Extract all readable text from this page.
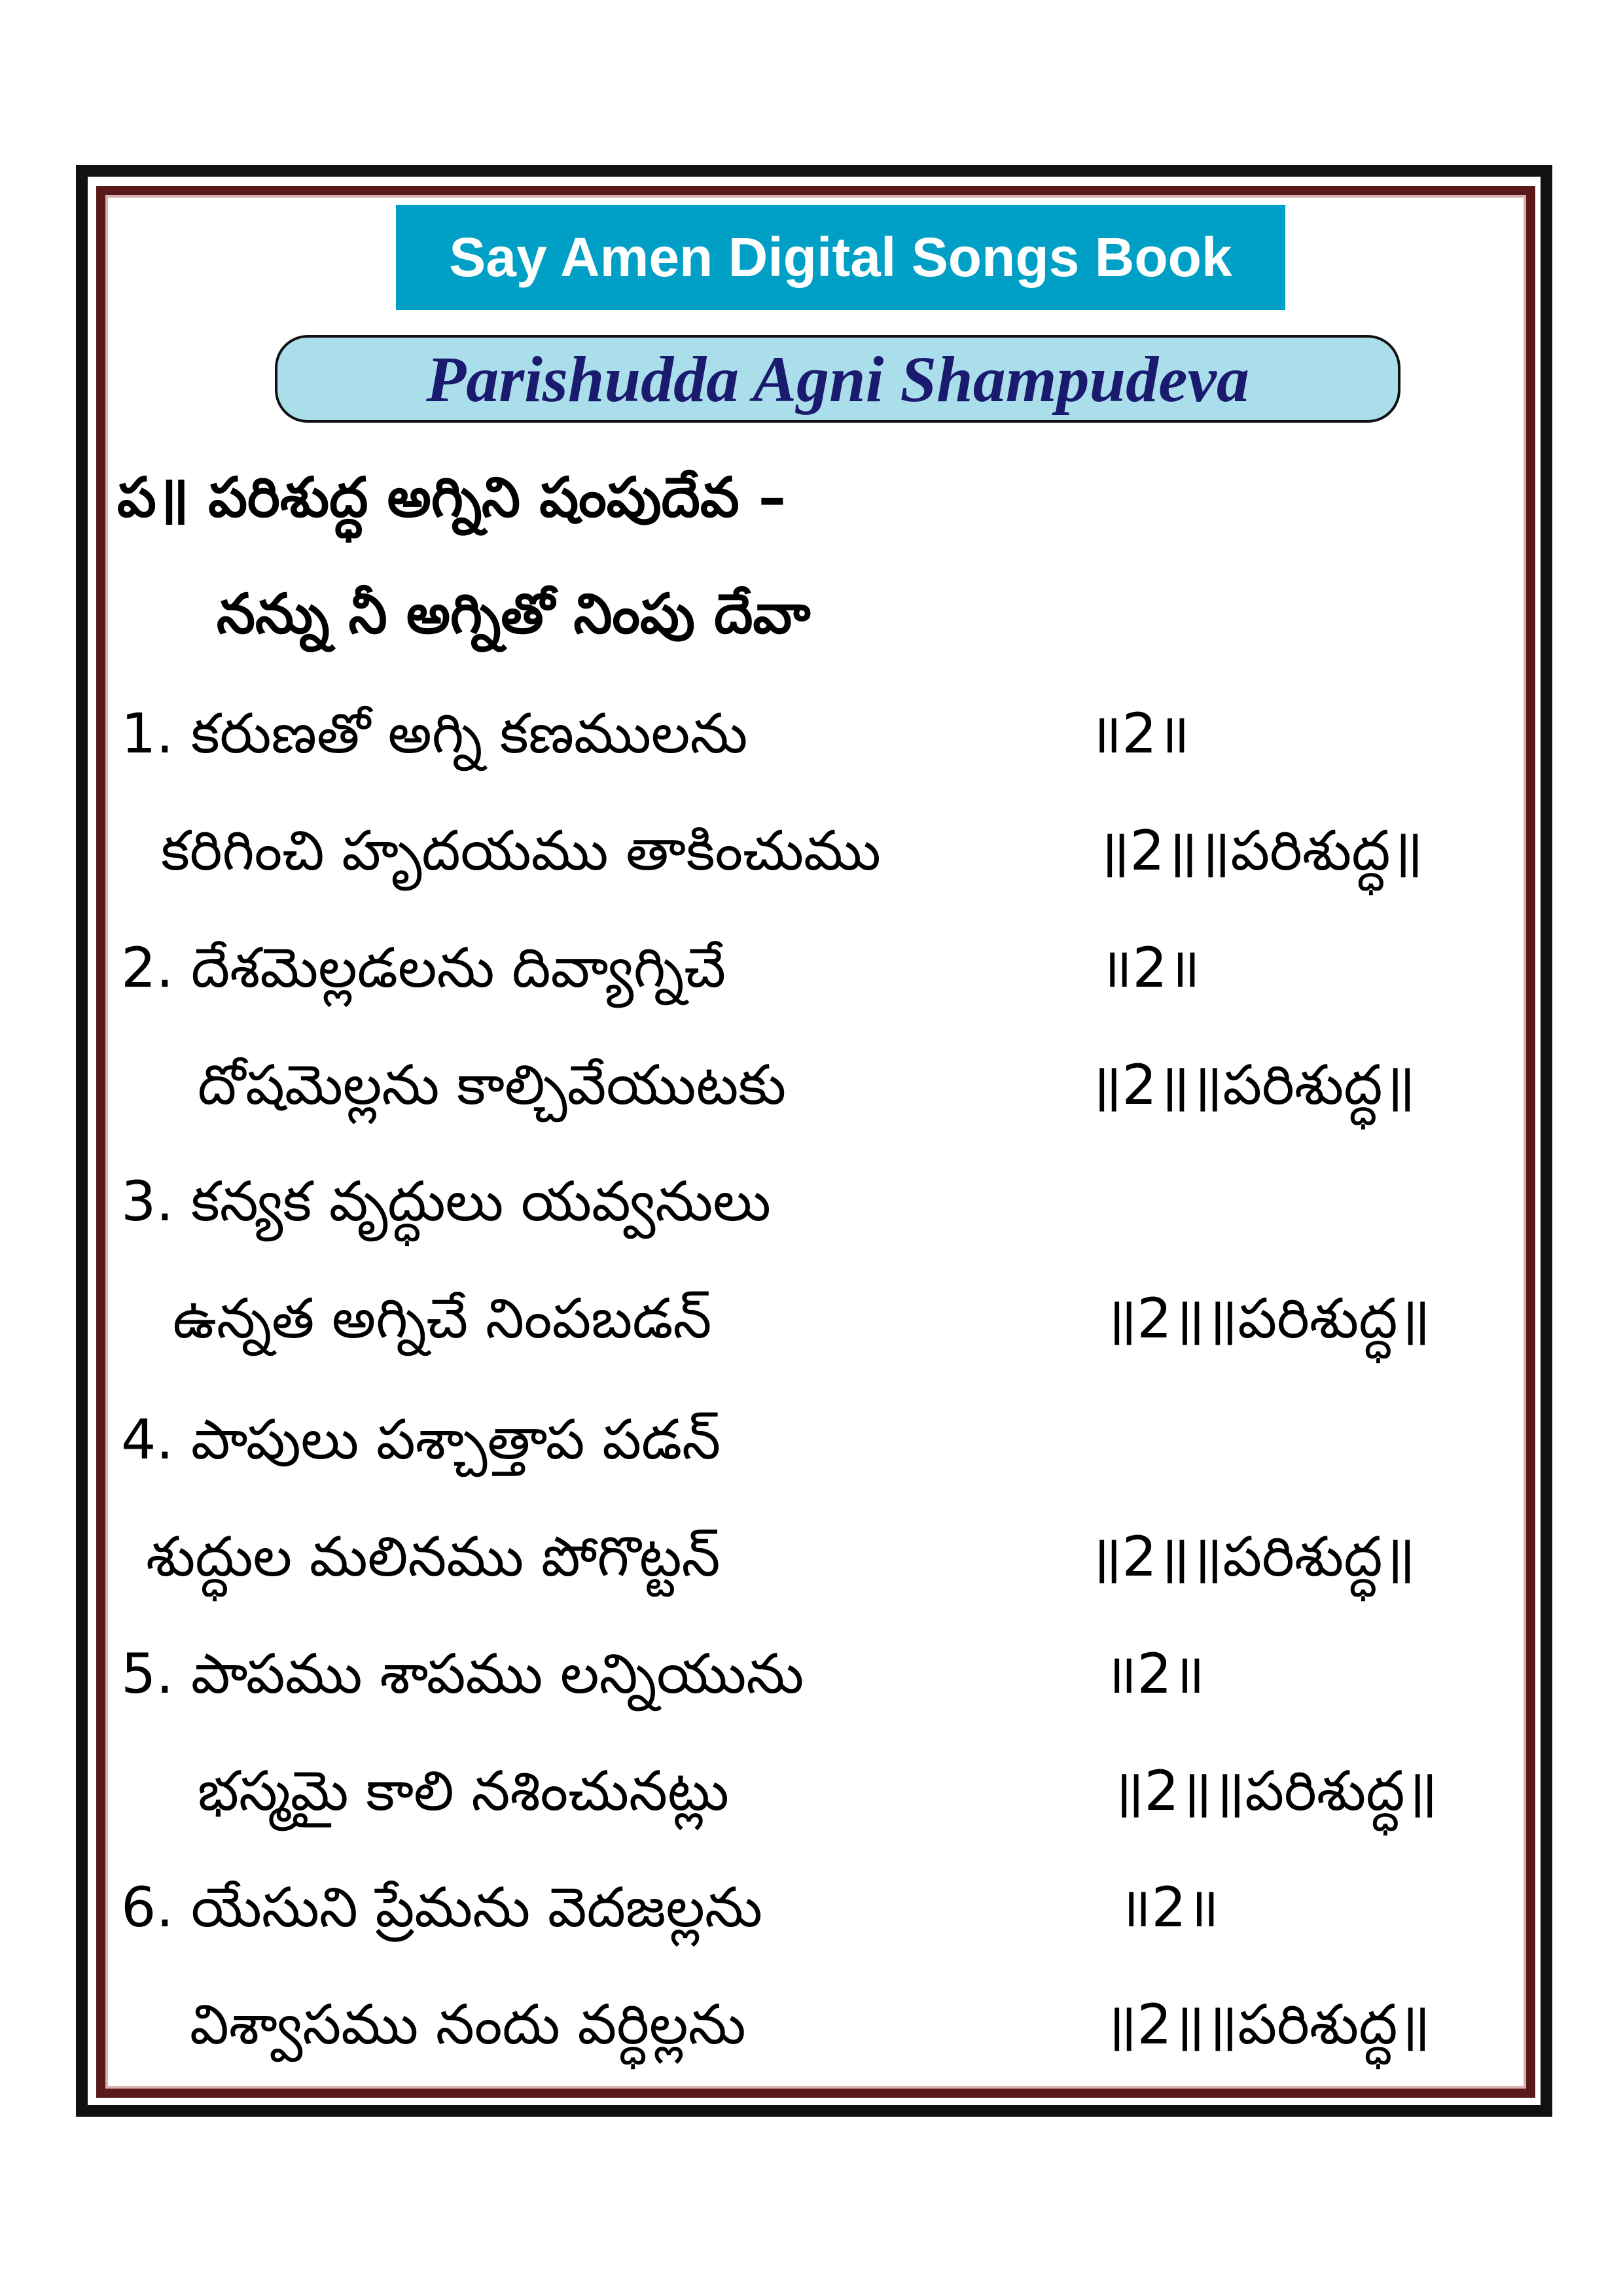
Say Amen Digital Songs Book
Parishudda Agni Shampudeva
ప॥ పరిశుద్ధ అగ్నిని షంపుదేవ –
నన్ను నీ అగ్నితో నింపు దేవా
1. కరుణతో అగ్ని కణములను	॥2॥
కరిగించి హృదయము తాకించుము	॥2॥॥పరిశుద్ధ॥
2. దేశమెల్లడలను దివ్యాగ్నిచే	॥2॥
దోషమెల్లను కాల్చివేయుటకు	॥2॥॥పరిశుద్ధ॥
3. కన్యక వృద్ధులు యవ్వనులు
ఉన్నత అగ్నిచే నింపబడన్	॥2॥॥పరిశుద్ధ॥
4. పాపులు పశ్చాత్తాప పడన్
శుద్ధుల మలినము పోగొట్టన్	॥2॥॥పరిశుద్ధ॥
5. పాపము శాపము లన్నియును	॥2॥
భస్మమై కాలి నశించునట్లు	॥2॥॥పరిశుద్ధ॥
6. యేసుని ప్రేమను వెదజల్లను	॥2॥
విశ్వాసము నందు వర్ధిల్లను	॥2॥॥పరిశుద్ధ॥
